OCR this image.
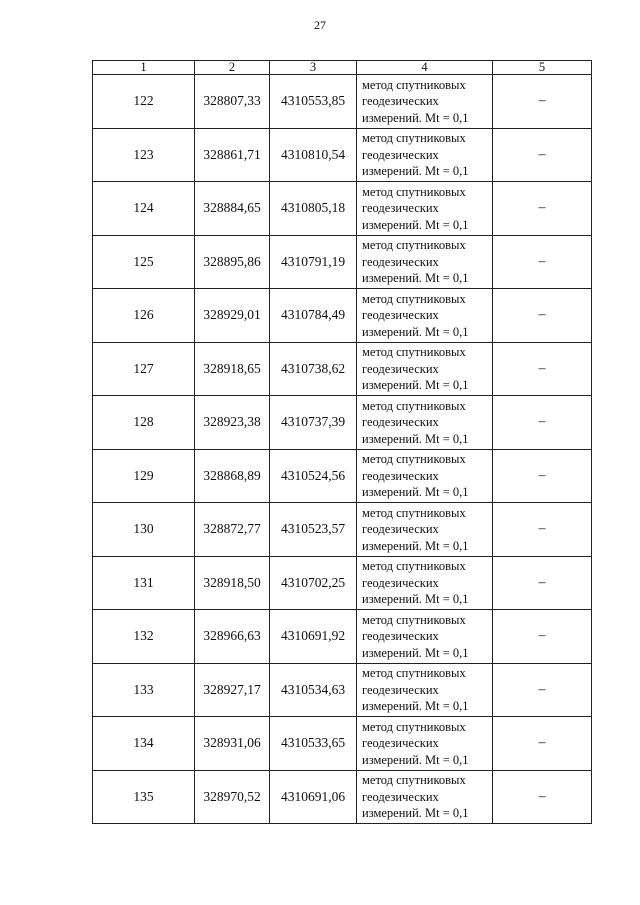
27
1	2	3	4	5
122	328807,33	4310553,85	метод спутниковых
геодезических
измерений. Mt = 0,1	–
123	328861,71	4310810,54	метод спутниковых
геодезических
измерений. Mt = 0,1	–
124	328884,65	4310805,18	метод спутниковых
геодезических
измерений. Mt = 0,1	–
125	328895,86	4310791,19	метод спутниковых
геодезических
измерений. Mt = 0,1	–
126	328929,01	4310784,49	метод спутниковых
геодезических
измерений. Mt = 0,1	–
127	328918,65	4310738,62	метод спутниковых
геодезических
измерений. Mt = 0,1	–
128	328923,38	4310737,39	метод спутниковых
геодезических
измерений. Mt = 0,1	–
129	328868,89	4310524,56	метод спутниковых
геодезических
измерений. Mt = 0,1	–
130	328872,77	4310523,57	метод спутниковых
геодезических
измерений. Mt = 0,1	–
131	328918,50	4310702,25	метод спутниковых
геодезических
измерений. Mt = 0,1	–
132	328966,63	4310691,92	метод спутниковых
геодезических
измерений. Mt = 0,1	–
133	328927,17	4310534,63	метод спутниковых
геодезических
измерений. Mt = 0,1	–
134	328931,06	4310533,65	метод спутниковых
геодезических
измерений. Mt = 0,1	–
135	328970,52	4310691,06	метод спутниковых
геодезических
измерений. Mt = 0,1	–
